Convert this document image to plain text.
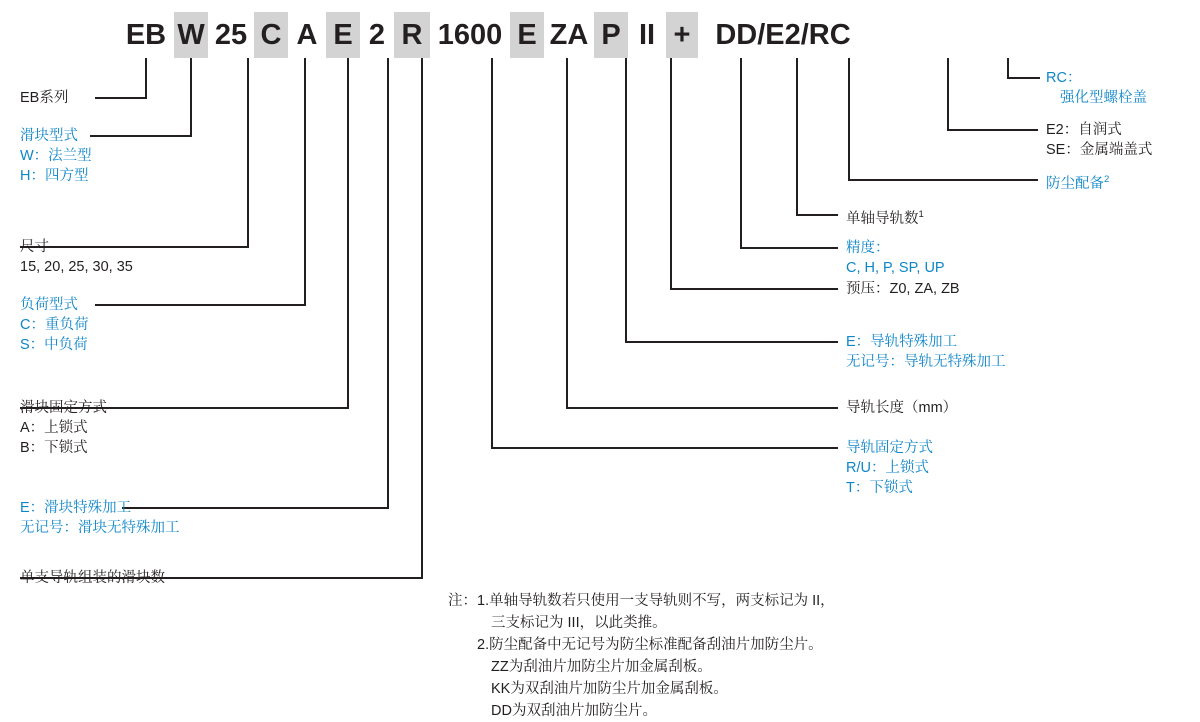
EB W 25 C A E 2 R 1600 E ZA P II + DD/E2/RC
EB系列
滑块型式
W：法兰型
H：四方型
尺寸
15, 20, 25, 30, 35
负荷型式
C：重负荷
S：中负荷
滑块固定方式
A：上锁式
B：下锁式
E：滑块特殊加工
无记号：滑块无特殊加工
单支导轨组装的滑块数
RC：
强化型螺栓盖
E2：自润式
SE：金属端盖式
防尘配备$^2$
单轴导轨数$^1$
精度：
C, H, P, SP, UP
预压：Z0, ZA, ZB
E：导轨特殊加工
无记号：导轨无特殊加工
导轨长度（mm）
导轨固定方式
R/U：上锁式
T：下锁式
注： 1.单轴导轨数若只使用一支导轨则不写，两支标记为 II，
三支标记为 III，以此类推。
2.防尘配备中无记号为防尘标准配备刮油片加防尘片。
ZZ为刮油片加防尘片加金属刮板。
KK为双刮油片加防尘片加金属刮板。
DD为双刮油片加防尘片。
